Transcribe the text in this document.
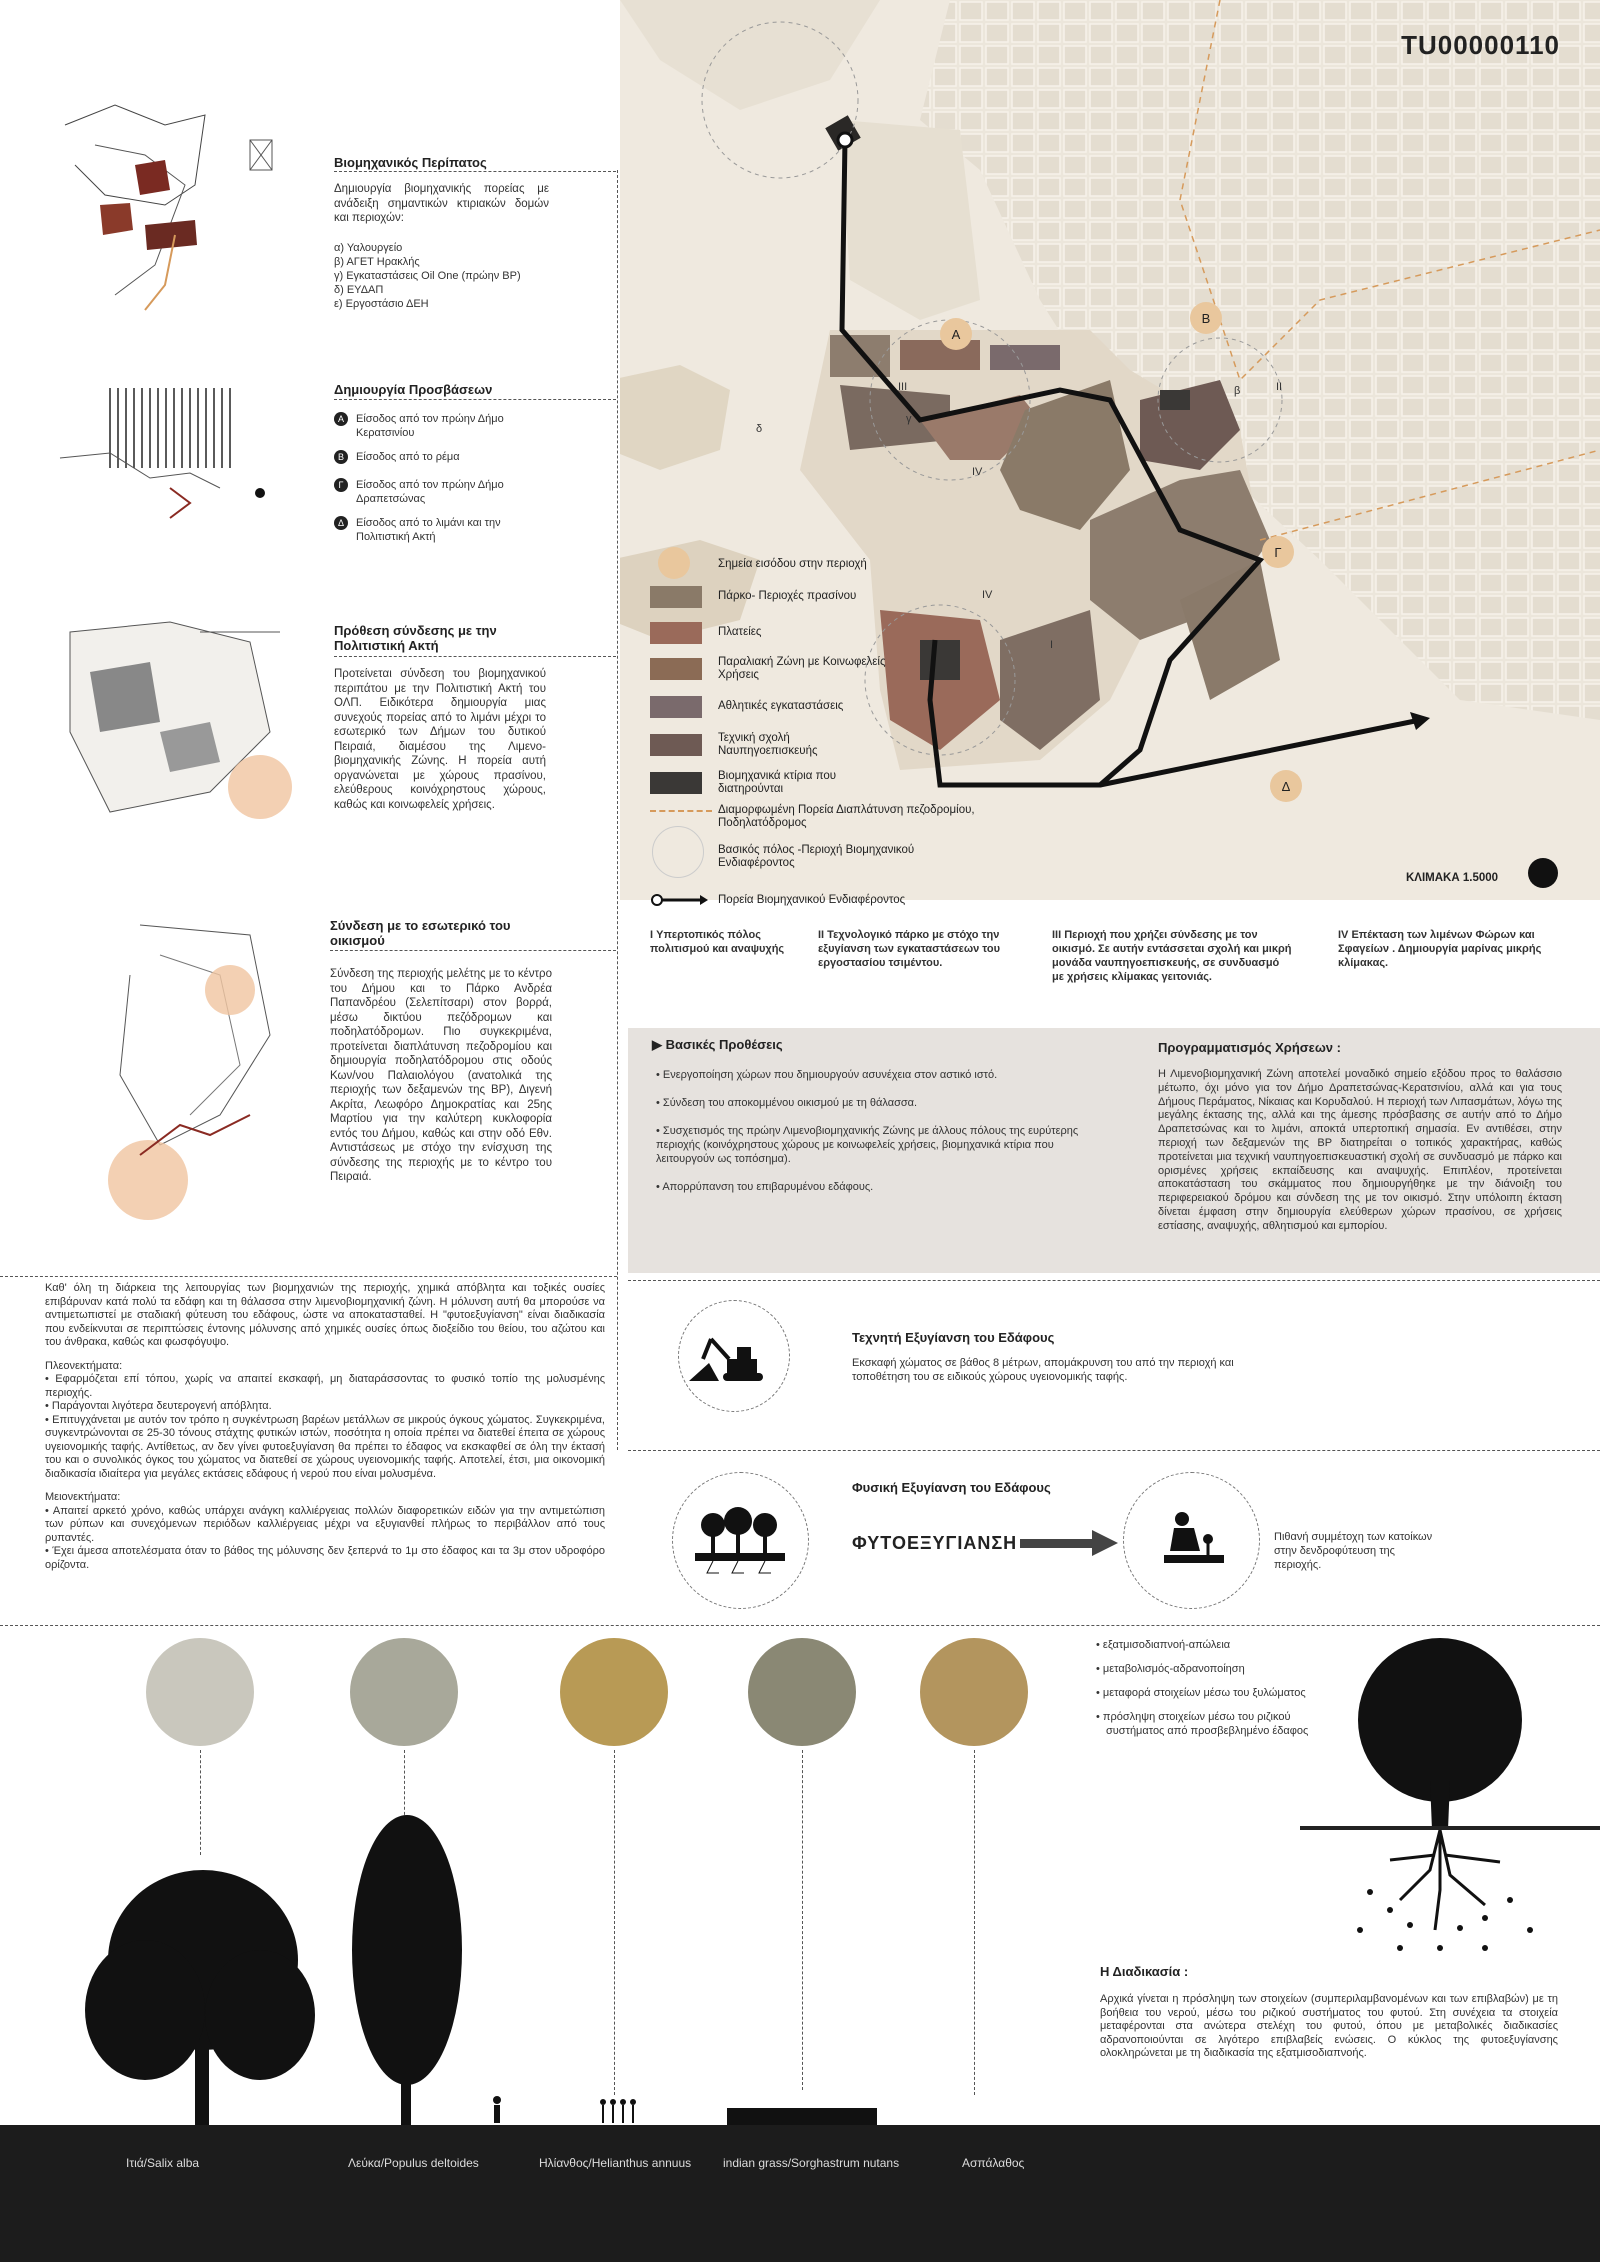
A
B
Γ
Δ
I
II
III
IV
IV
δ
β
γ
TU00000110
Σημεία εισόδου στην περιοχή
Πάρκο- Περιοχές πρασίνου
Πλατείες
Παραλιακή Ζώνη με Κοινωφελείς Χρήσεις
Αθλητικές εγκαταστάσεις
Τεχνική σχολή Ναυπηγοεπισκευής
Βιομηχανικά κτίρια που διατηρούνται
Διαμορφωμένη Πορεία Διαπλάτυνση πεζοδρομίου, Ποδηλατόδρομος
Βασικός πόλος -Περιοχή Βιομηχανικού Ενδιαφέροντος
Πορεία Βιομηχανικού Ενδιαφέροντος
ΚΛΙΜΑΚΑ 1.5000
I Υπερτοπικός πόλος πολιτισμού και αναψυχής
II Τεχνολογικό πάρκο με στόχο την εξυγίανση των εγκαταστάσεων του εργοστασίου τσιμέντου.
III Περιοχή που χρήζει σύνδεσης με τον οικισμό. Σε αυτήν εντάσσεται σχολή και μικρή μονάδα ναυπηγοεπισκευής, σε συνδυασμό με χρήσεις κλίμακας γειτονιάς.
IV Επέκταση των λιμένων Φώρων και Σφαγείων . Δημιουργία μαρίνας μικρής κλίμακας.
Βιομηχανικός Περίπατος
Δημιουργία βιομηχανικής πορείας με ανάδειξη σημαντικών κτιριακών δομών και περιοχών:
α) Υαλουργείο
β) ΑΓΕΤ Ηρακλής
γ) Εγκαταστάσεις Oil One (πρώην BP)
δ) ΕΥΔΑΠ
ε) Εργοστάσιο ΔΕΗ
Δημιουργία Προσβάσεων
A Είσοδος από τον πρώην Δήμο Κερατσινίου
B Είσοδος από το ρέμα
Γ Είσοδος από τον πρώην Δήμο Δραπετσώνας
Δ Είσοδος από το λιμάνι και την Πολιτιστική Ακτή
Πρόθεση σύνδεσης με την Πολιτιστική Ακτή
Προτείνεται σύνδεση του βιομηχανικού περιπάτου με την Πολιτιστική Ακτή του ΟΛΠ. Ειδικότερα δημιουργία μιας συνεχούς πορείας από το λιμάνι μέχρι το εσωτερικό των Δήμων του δυτικού Πειραιά, διαμέσου της Λιμενο-βιομηχανικής Ζώνης. Η πορεία αυτή οργανώνεται με χώρους πρασίνου, ελεύθερους κοινόχρηστους χώρους, καθώς και κοινωφελείς χρήσεις.
Σύνδεση με το εσωτερικό του οικισμού
Σύνδεση της περιοχής μελέτης με το κέντρο του Δήμου και το Πάρκο Ανδρέα Παπανδρέου (Σελεπίτσαρι) στον βορρά, μέσω δικτύου πεζόδρομων και ποδηλατόδρομων. Πιο συγκεκριμένα, προτείνεται διαπλάτυνση πεζοδρομίου και δημιουργία ποδηλατόδρομου στις οδούς Κων/νου Παλαιολόγου (ανατολικά της περιοχής των δεξαμενών της BP), Διγενή Ακρίτα, Λεωφόρο Δημοκρατίας και 25ης Μαρτίου για την καλύτερη κυκλοφορία εντός του Δήμου, καθώς και στην οδό Εθν. Αντιστάσεως με στόχο την ενίσχυση της σύνδεσης της περιοχής με το κέντρο του Πειραιά.
Καθ' όλη τη διάρκεια της λειτουργίας των βιομηχανιών της περιοχής, χημικά απόβλητα και τοξικές ουσίες επιβάρυναν κατά πολύ τα εδάφη και τη θάλασσα στην λιμενοβιομηχανική ζώνη. Η μόλυνση αυτή θα μπορούσε να αντιμετωπιστεί με σταδιακή φύτευση του εδάφους, ώστε να αποκατασταθεί. Η "φυτοεξυγίανση" είναι διαδικασία που ενδείκνυται σε περιπτώσεις έντονης μόλυνσης από χημικές ουσίες όπως διοξείδιο του θείου, του αζώτου και του άνθρακα, καθώς και φωσφόγυψο.
Πλεονεκτήματα:
• Εφαρμόζεται επί τόπου, χωρίς να απαιτεί εκσκαφή, μη διαταράσσοντας το φυσικό τοπίο της μολυσμένης περιοχής.
• Παράγονται λιγότερα δευτερογενή απόβλητα.
• Επιτυγχάνεται με αυτόν τον τρόπο η συγκέντρωση βαρέων μετάλλων σε μικρούς όγκους χώματος. Συγκεκριμένα, συγκεντρώνονται σε 25-30 τόνους στάχτης φυτικών ιστών, ποσότητα η οποία πρέπει να διατεθεί έπειτα σε χώρους υγειονομικής ταφής. Αντίθετως, αν δεν γίνει φυτοεξυγίανση θα πρέπει το έδαφος να εκσκαφθεί σε όλη την έκτασή του και ο συνολικός όγκος του χώματος να διατεθεί σε χώρους υγειονομικής ταφής. Αποτελεί, έτσι, μια οικονομική διαδικασία ιδιαίτερα για μεγάλες εκτάσεις εδάφους ή νερού που είναι μολυσμένα.
Μειονεκτήματα:
• Απαιτεί αρκετό χρόνο, καθώς υπάρχει ανάγκη καλλιέργειας πολλών διαφορετικών ειδών για την αντιμετώπιση των ρύπων και συνεχόμενων περιόδων καλλιέργειας μέχρι να εξυγιανθεί πλήρως το περιβάλλον από τους ρυπαντές.
• Έχει άμεσα αποτελέσματα όταν το βάθος της μόλυνσης δεν ξεπερνά το 1μ στο έδαφος και τα 3μ στον υδροφόρο ορίζοντα.
▶ Βασικές Προθέσεις
• Ενεργοποίηση χώρων που δημιουργούν ασυνέχεια στον αστικό ιστό.
• Σύνδεση του αποκομμένου οικισμού με τη θάλασσα.
• Συσχετισμός της πρώην Λιμενοβιομηχανικής Ζώνης με άλλους πόλους της ευρύτερης περιοχής (κοινόχρηστους χώρους με κοινωφελείς χρήσεις, βιομηχανικά κτίρια που λειτουργούν ως τοπόσημα).
• Απορρύπανση του επιβαρυμένου εδάφους.
Προγραμματισμός Χρήσεων :
Η Λιμενοβιομηχανική Ζώνη αποτελεί μοναδικό σημείο εξόδου προς το θαλάσσιο μέτωπο, όχι μόνο για τον Δήμο Δραπετσώνας-Κερατσινίου, αλλά και για τους Δήμους Περάματος, Νίκαιας και Κορυδαλού. Η περιοχή των Λιπασμάτων, λόγω της μεγάλης έκτασης της, αλλά και της άμεσης πρόσβασης σε αυτήν από το Δήμο Δραπετσώνας και το λιμάνι, αποκτά υπερτοπική σημασία. Εν αντιθέσει, στην περιοχή των δεξαμενών της BP διατηρείται ο τοπικός χαρακτήρας, καθώς προτείνεται μια τεχνική ναυπηγοεπισκευαστική σχολή σε συνδυασμό με πάρκο και ορισμένες χρήσεις εκπαίδευσης και αναψυχής. Επιπλέον, προτείνεται αποκατάσταση του σκάμματος που δημιουργήθηκε με την διάνοιξη του περιφερειακού δρόμου και σύνδεση της με τον οικισμό. Στην υπόλοιπη έκταση δίνεται έμφαση στην δημιουργία ελεύθερων χώρων πρασίνου, σε χρήσεις εστίασης, αναψυχής, αθλητισμού και εμπορίου.
Τεχνητή Εξυγίανση του Εδάφους
Εκσκαφή χώματος σε βάθος 8 μέτρων, απομάκρυνση του από την περιοχή και τοποθέτηση του σε ειδικούς χώρους υγειονομικής ταφής.
Φυσική Εξυγίανση του Εδάφους
ΦΥΤΟΕΞΥΓΙΑΝΣΗ	Πιθανή συμμέτοχη των κατοίκων στην δενδροφύτευση της περιοχής.
• εξατμισοδιαπνοή-απώλεια
• μεταβολισμός-αδρανοποίηση
• μεταφορά στοιχείων μέσω του ξυλώματος
• πρόσληψη στοιχείων μέσω του ριζικού συστήματος από προσβεβλημένο έδαφος
Η Διαδικασία :
Αρχικά γίνεται η πρόσληψη των στοιχείων (συμπεριλαμβανομένων και των επιβλαβών) με τη βοήθεια του νερού, μέσω του ριζικού συστήματος του φυτού. Στη συνέχεια τα στοιχεία μεταφέρονται στα ανώτερα στελέχη του φυτού, όπου με μεταβολικές διαδικασίες αδρανοποιούνται σε λιγότερο επιβλαβείς ενώσεις. Ο κύκλος της φυτοεξυγίανσης ολοκληρώνεται με τη διαδικασία της εξατμισοδιαπνοής.
Ιτιά/Salix alba	Λεύκα/Populus deltoides	Ηλίανθος/Helianthus annuus	indian grass/Sorghastrum nutans	Ασπάλαθος
